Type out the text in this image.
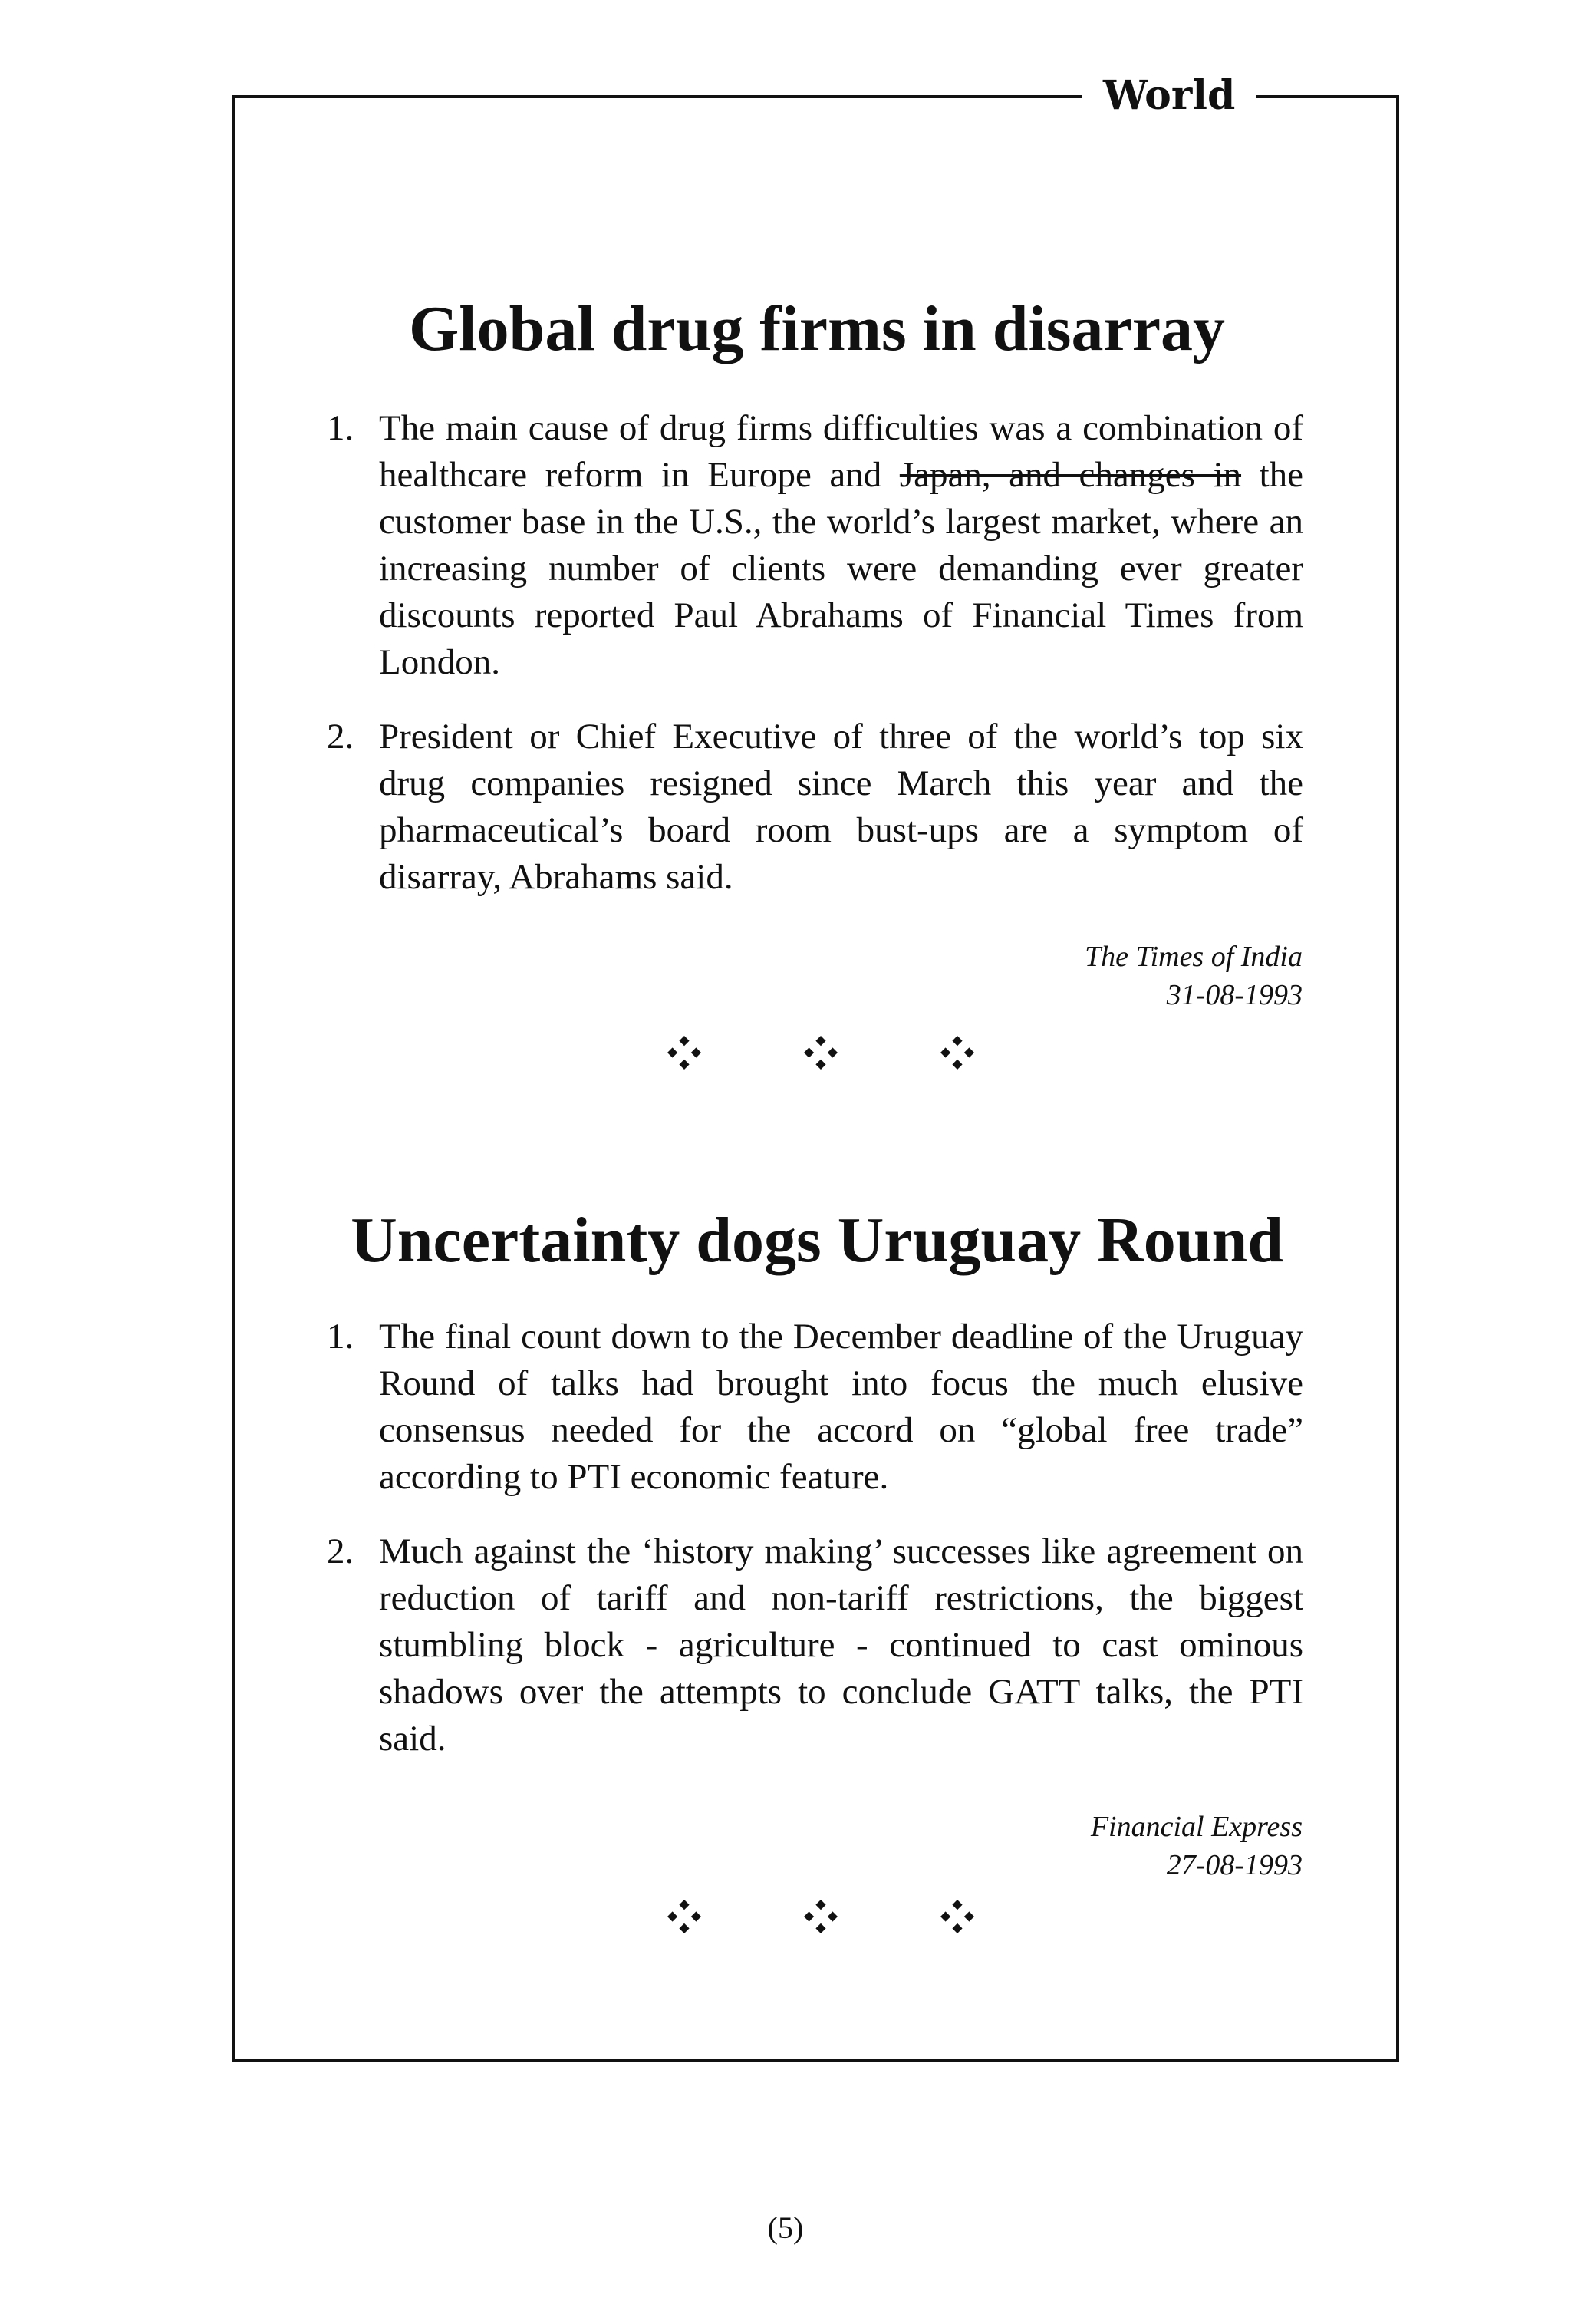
World
Global drug firms in disarray
1. The main cause of drug firms difficulties was a combination of healthcare reform in Europe and Japan, and changes in the customer base in the U.S., the world’s largest market, where an increasing number of clients were demanding ever greater discounts reported Paul Abrahams of Financial Times from London.
2. President or Chief Executive of three of the world’s top six drug companies resigned since March this year and the pharmaceutical’s board room bust-ups are a symptom of disarray, Abrahams said.
The Times of India
31-08-1993
Uncertainty dogs Uruguay Round
1. The final count down to the December deadline of the Uruguay Round of talks had brought into focus the much elusive consensus needed for the accord on “global free trade” according to PTI economic feature.
2. Much against the ‘history making’ successes like agreement on reduction of tariff and non-tariff restrictions, the biggest stumbling block - agriculture - continued to cast ominous shadows over the attempts to conclude GATT talks, the PTI said.
Financial Express
27-08-1993
(5)
